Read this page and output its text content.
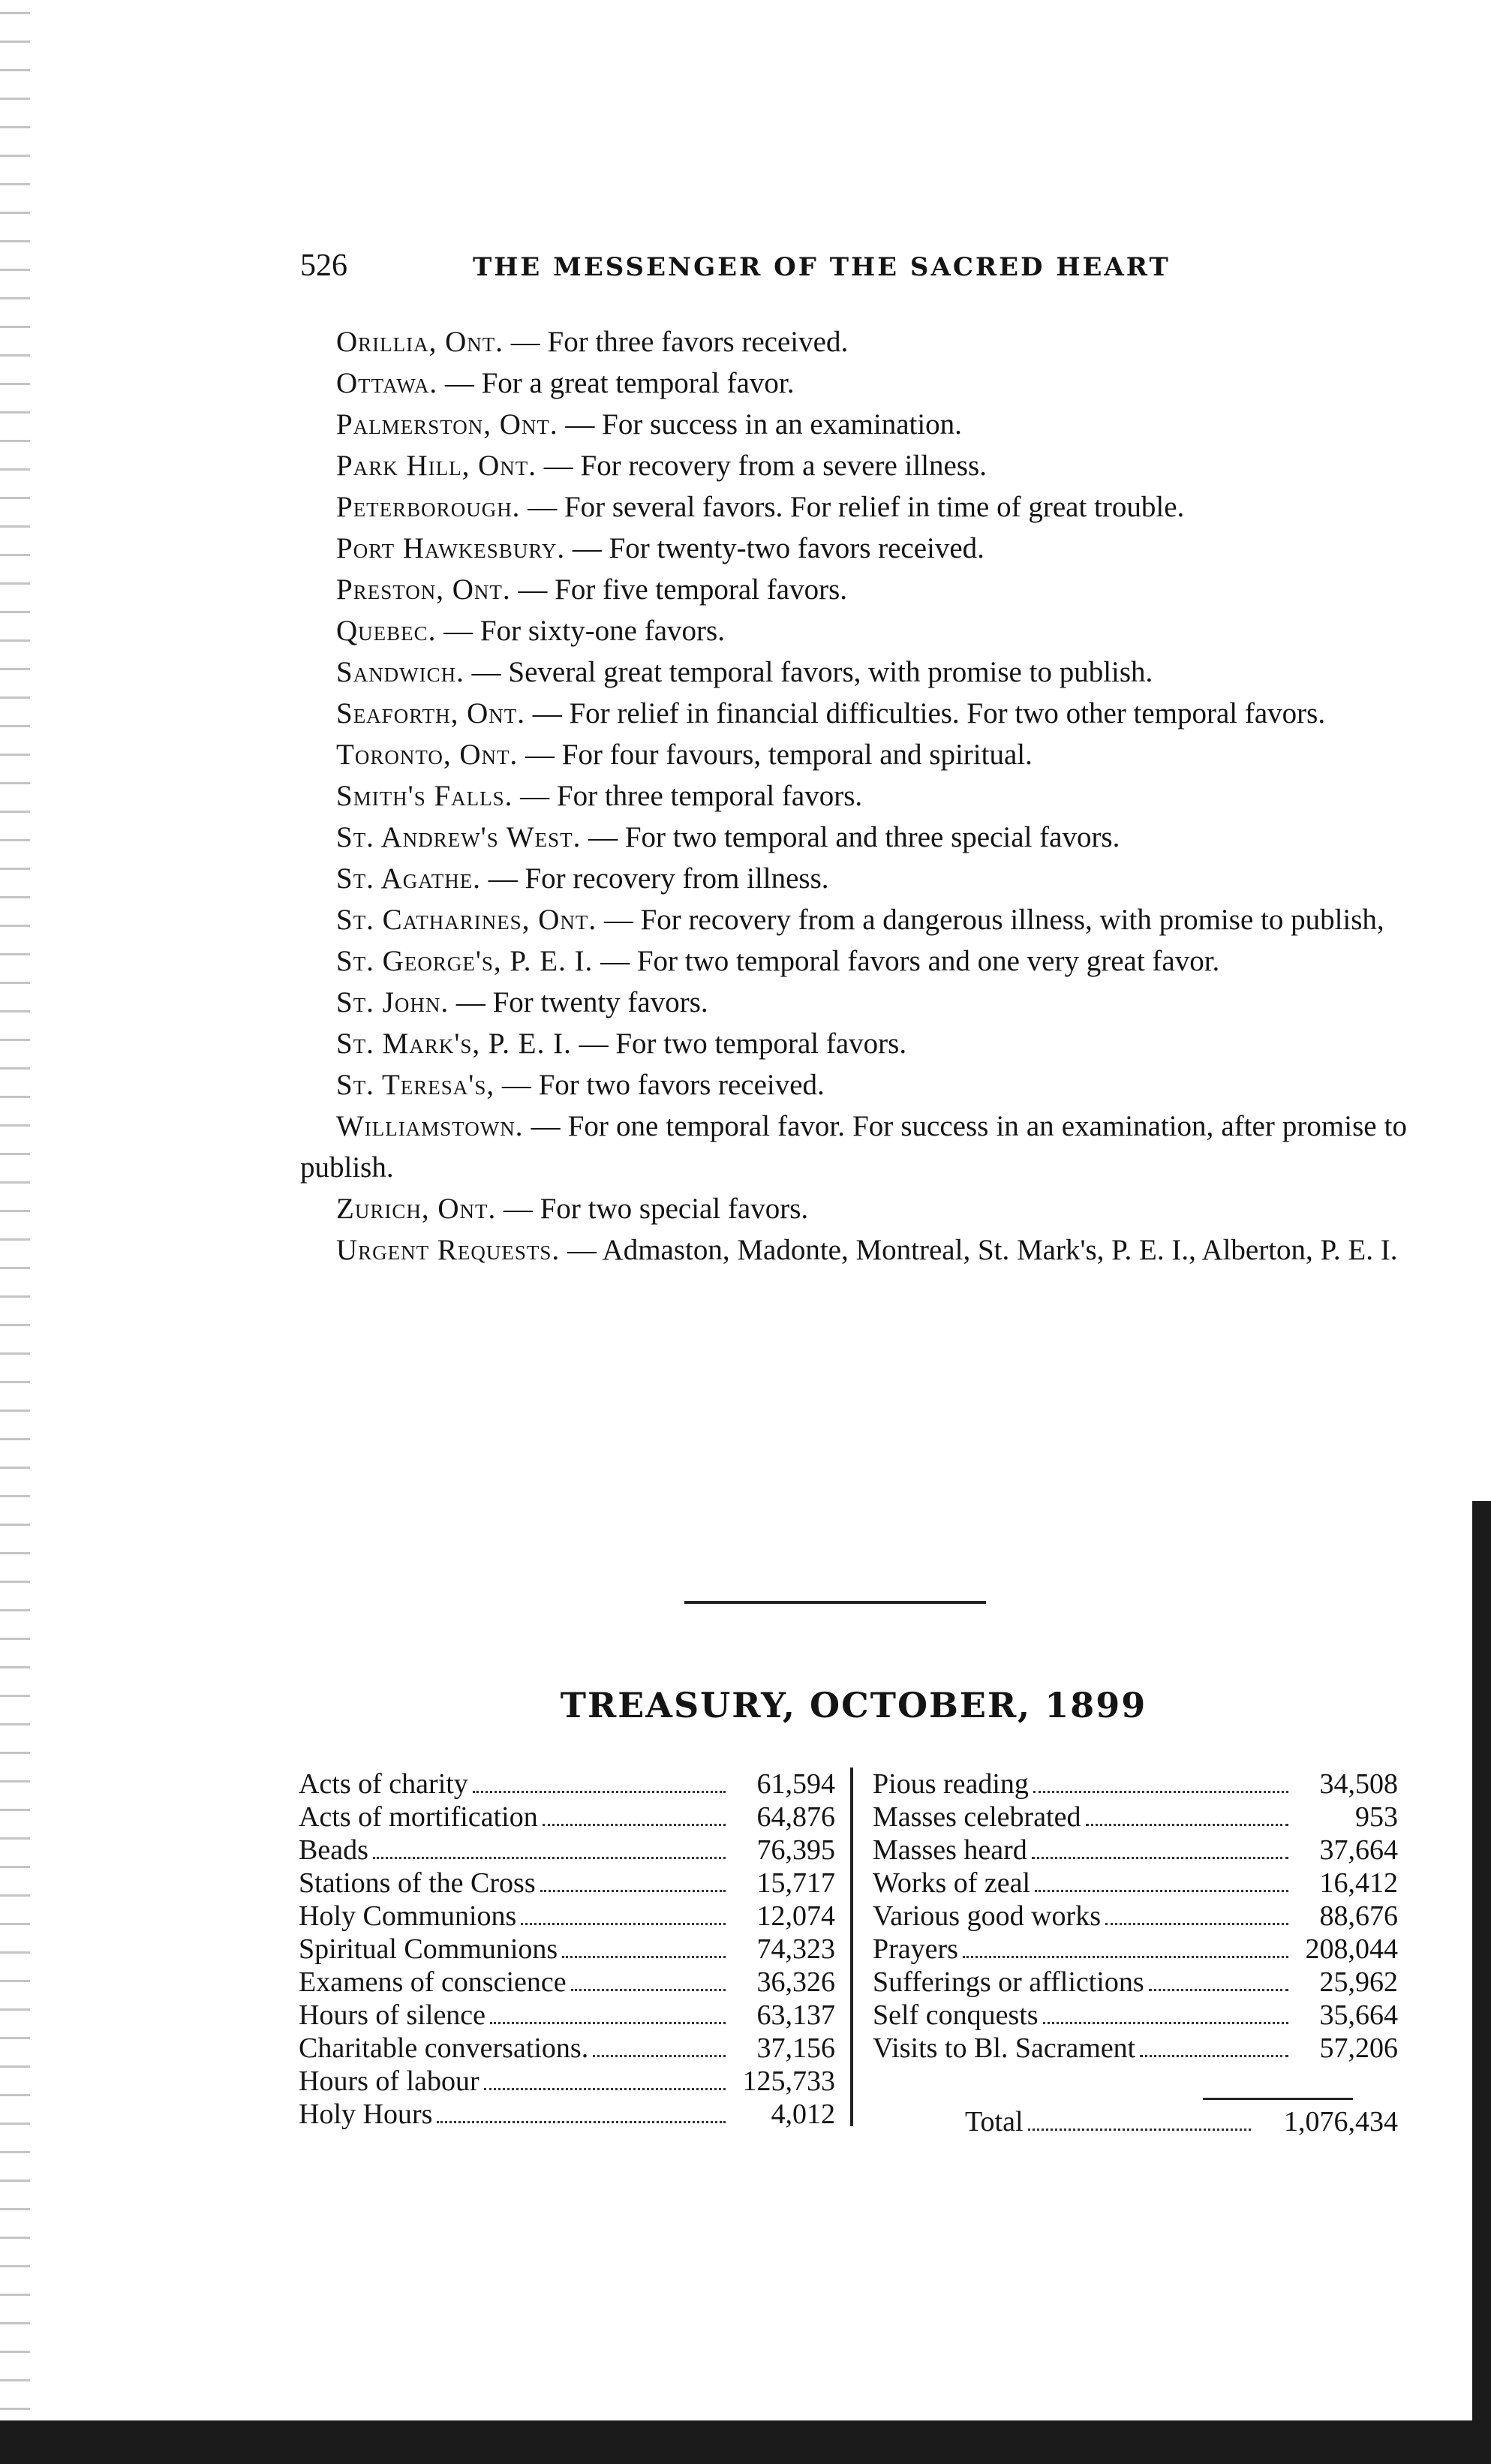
526	THE MESSENGER OF THE SACRED HEART

Orillia, Ont. — For three favors received.

Ottawa. — For a great temporal favor.

Palmerston, Ont. — For success in an examination.

Park Hill, Ont. — For recovery from a severe illness.

Peterborough. — For several favors. For relief in time of great trouble.

Port Hawkesbury. — For twenty-two favors received.

Preston, Ont. — For five temporal favors.

Quebec. — For sixty-one favors.

Sandwich. — Several great temporal favors, with promise to publish.

Seaforth, Ont. — For relief in financial difficulties. For two other temporal favors.

Toronto, Ont. — For four favours, temporal and spiritual.

Smith's Falls. — For three temporal favors.

St. Andrew's West. — For two temporal and three special favors.

St. Agathe. — For recovery from illness.

St. Catharines, Ont. — For recovery from a dangerous illness, with promise to publish,

St. George's, P. E. I. — For two temporal favors and one very great favor.

St. John. — For twenty favors.

St. Mark's, P. E. I. — For two temporal favors.

St. Teresa's, — For two favors received.

Williamstown. — For one temporal favor. For success in an examination, after promise to publish.

Zurich, Ont. — For two special favors.

Urgent Requests. — Admaston, Madonte, Montreal, St. Mark's, P. E. I., Alberton, P. E. I.

TREASURY, OCTOBER, 1899
Acts of charity	61,594
Acts of mortification	64,876
Beads	76,395
Stations of the Cross	15,717
Holy Communions	12,074
Spiritual Communions	74,323
Examens of conscience	36,326
Hours of silence	63,137
Charitable conversations.	37,156
Hours of labour	125,733
Holy Hours	4,012
Pious reading	34,508
Masses celebrated	953
Masses heard	37,664
Works of zeal	16,412
Various good works	88,676
Prayers	208,044
Sufferings or afflictions	25,962
Self conquests	35,664
Visits to Bl. Sacrament	57,206
Total	1,076,434
